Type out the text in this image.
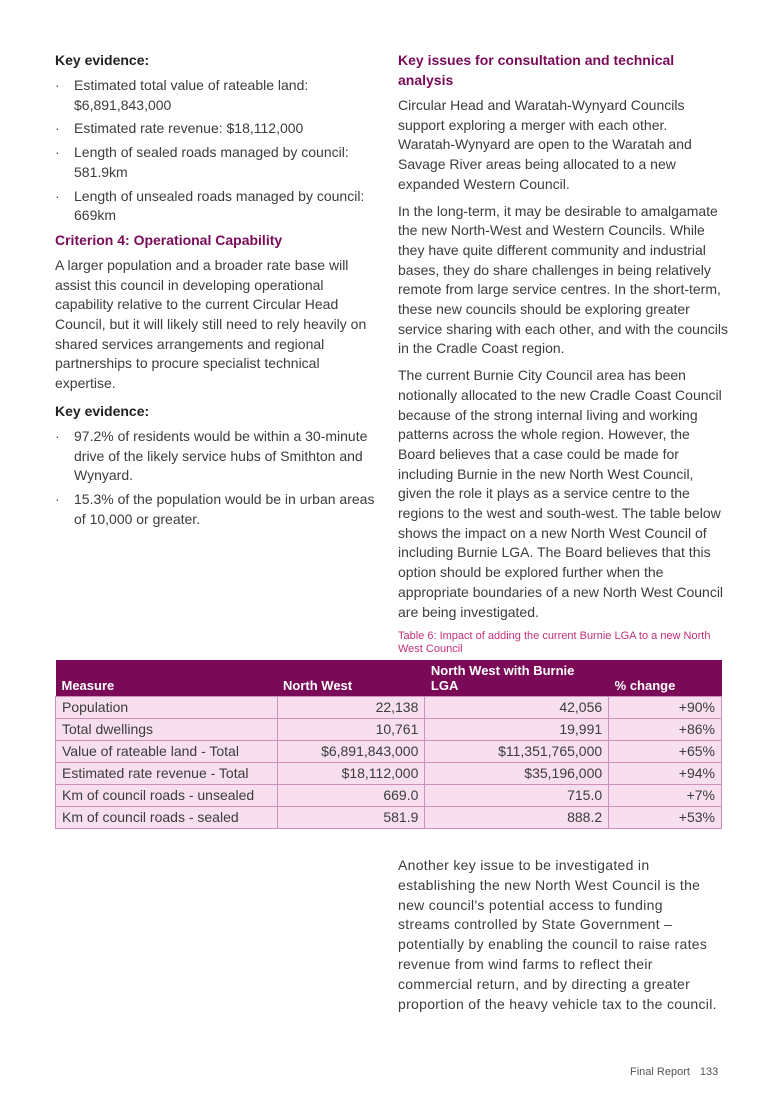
Key evidence:
· Estimated total value of rateable land: $6,891,843,000
· Estimated rate revenue: $18,112,000
· Length of sealed roads managed by council: 581.9km
· Length of unsealed roads managed by council: 669km
Criterion 4: Operational Capability

A larger population and a broader rate base will assist this council in developing operational capability relative to the current Circular Head Council, but it will likely still need to rely heavily on shared services arrangements and regional partnerships to procure specialist technical expertise.

Key evidence:
· 97.2% of residents would be within a 30-minute drive of the likely service hubs of Smithton and Wynyard.
· 15.3% of the population would be in urban areas of 10,000 or greater.
Key issues for consultation and technical analysis

Circular Head and Waratah-Wynyard Councils support exploring a merger with each other. Waratah-Wynyard are open to the Waratah and Savage River areas being allocated to a new expanded Western Council.

In the long-term, it may be desirable to amalgamate the new North-West and Western Councils. While they have quite different community and industrial bases, they do share challenges in being relatively remote from large service centres. In the short-term, these new councils should be exploring greater service sharing with each other, and with the councils in the Cradle Coast region.

The current Burnie City Council area has been notionally allocated to the new Cradle Coast Council because of the strong internal living and working patterns across the whole region. However, the Board believes that a case could be made for including Burnie in the new North West Council, given the role it plays as a service centre to the regions to the west and south-west. The table below shows the impact on a new North West Council of including Burnie LGA. The Board believes that this option should be explored further when the appropriate boundaries of a new North West Council are being investigated.

Table 6: Impact of adding the current Burnie LGA to a new North West Council
Measure	North West	North West with Burnie LGA	% change
Population	22,138	42,056	+90%
Total dwellings	10,761	19,991	+86%
Value of rateable land - Total	$6,891,843,000	$11,351,765,000	+65%
Estimated rate revenue - Total	$18,112,000	$35,196,000	+94%
Km of council roads - unsealed	669.0	715.0	+7%
Km of council roads - sealed	581.9	888.2	+53%
Another key issue to be investigated in establishing the new North West Council is the new council's potential access to funding streams controlled by State Government – potentially by enabling the council to raise rates revenue from wind farms to reflect their commercial return, and by directing a greater proportion of the heavy vehicle tax to the council.
Final Report 133
